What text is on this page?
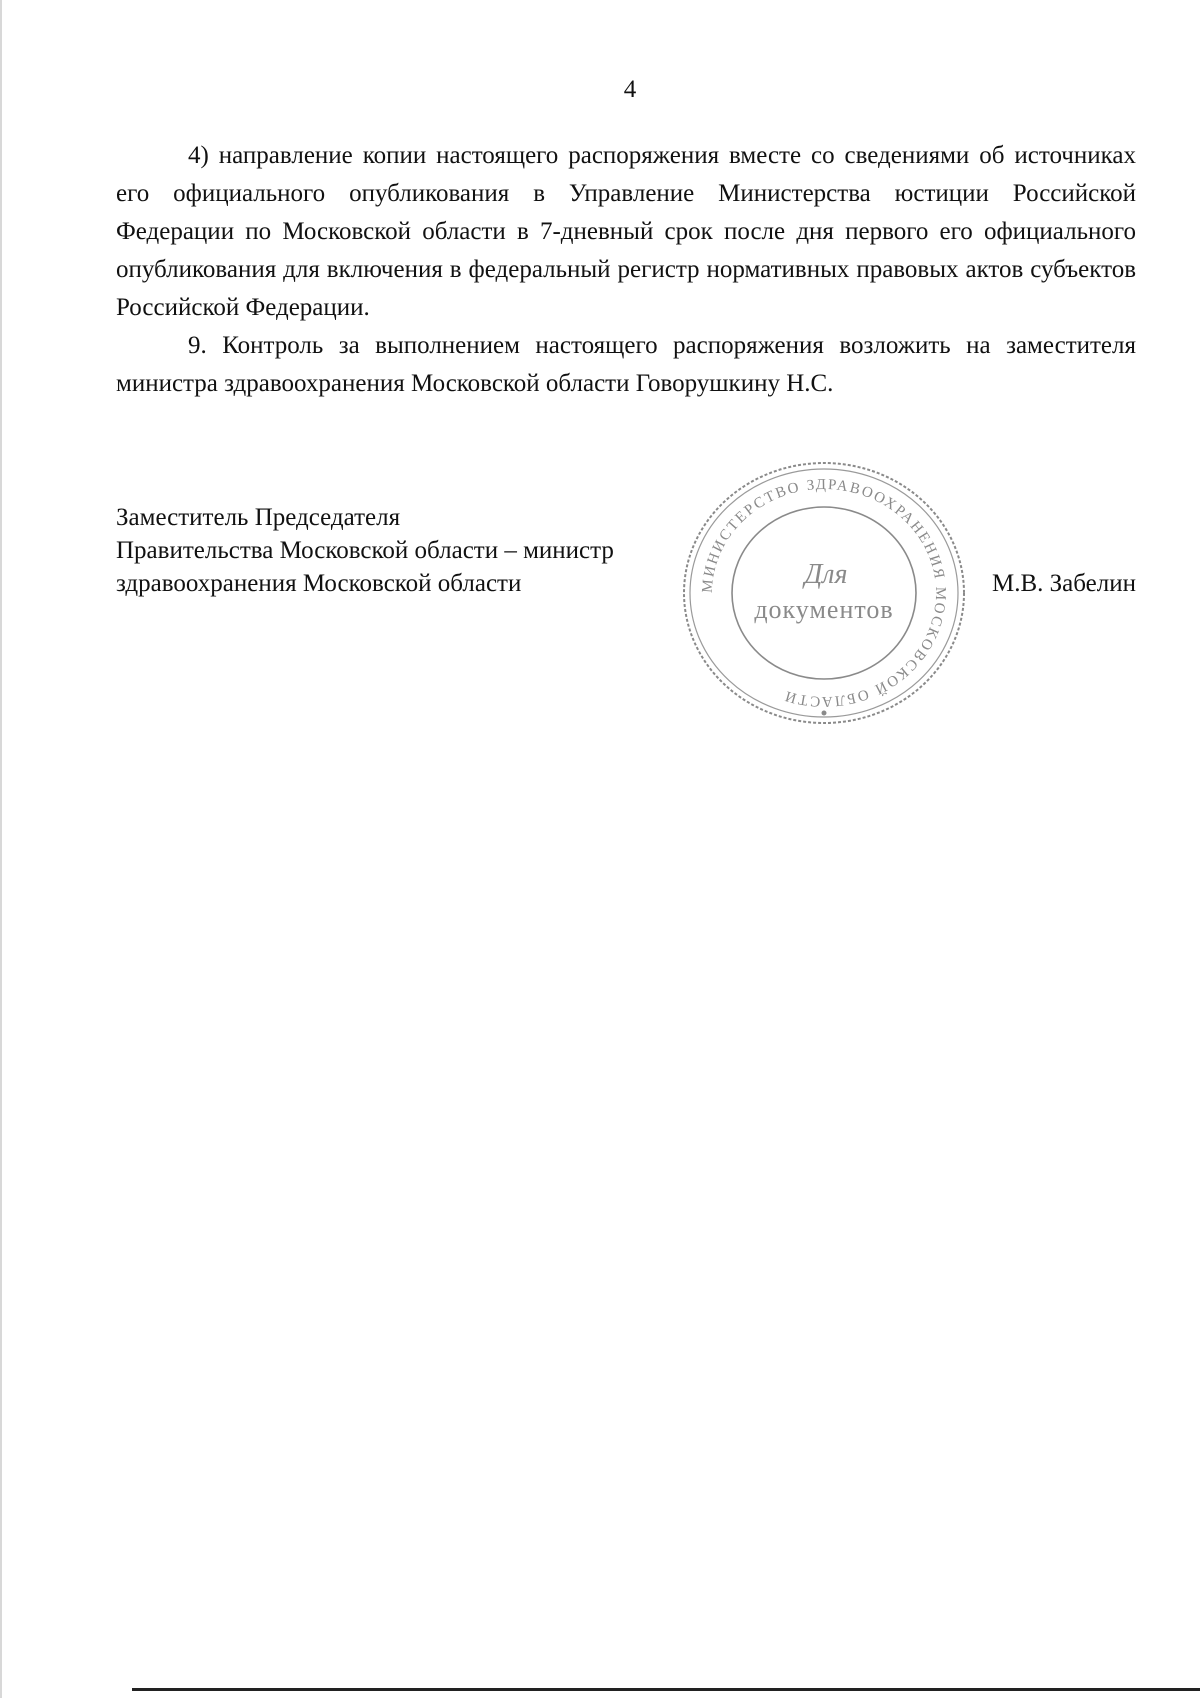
4

4) направление копии настоящего распоряжения вместе со сведениями об источниках его официального опубликования в Управление Министерства юстиции Российской Федерации по Московской области в 7-дневный срок после дня первого его официального опубликования для включения в федеральный регистр нормативных правовых актов субъектов Российской Федерации.

9. Контроль за выполнением настоящего распоряжения возложить на заместителя министра здравоохранения Московской области Говорушкину Н.С.

Заместитель Председателя
Правительства Московской области – министр
здравоохранения Московской области	М.В. Забелин
МИНИСТЕРСТВО ЗДРАВООХРАНЕНИЯ МОСКОВСКОЙ ОБЛАСТИ
Для
документов
